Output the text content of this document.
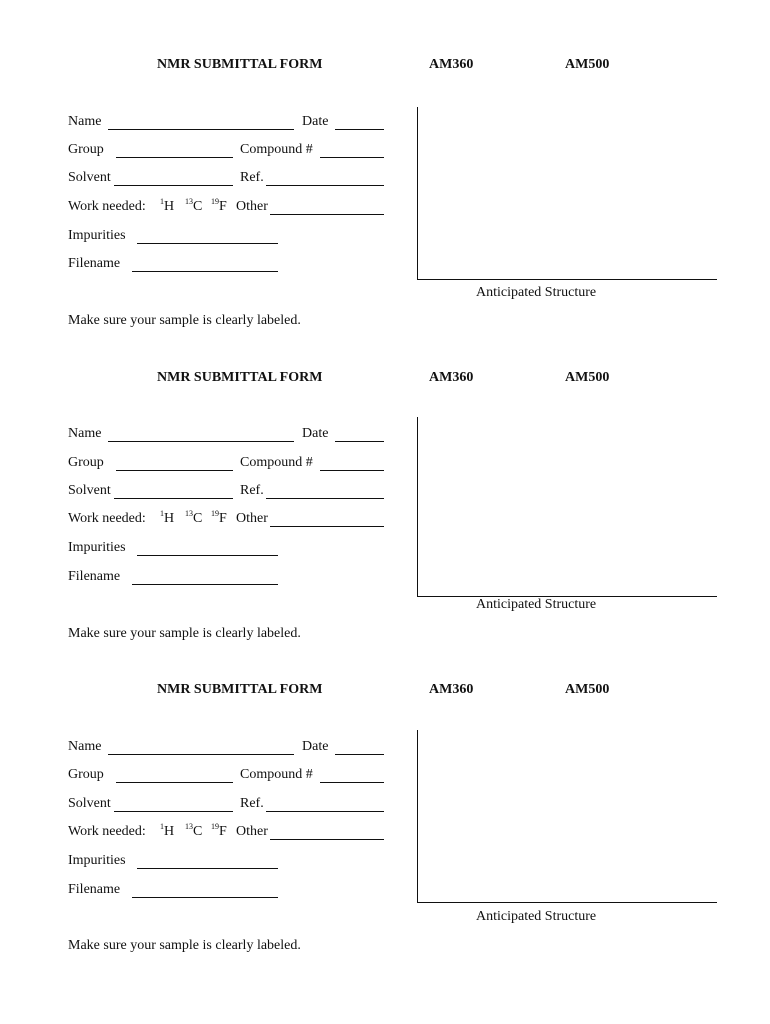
NMR SUBMITTAL FORM	AM360	AM500
Name	Date
Group	Compound #
Solvent	Ref.
Work needed: $^1$H $^{13}$C $^{19}$F Other
Impurities
Filename
Anticipated Structure
Make sure your sample is clearly labeled.
NMR SUBMITTAL FORM	AM360	AM500
Name	Date
Group	Compound #
Solvent	Ref.
Work needed: $^1$H $^{13}$C $^{19}$F Other
Impurities
Filename
Anticipated Structure
Make sure your sample is clearly labeled.
NMR SUBMITTAL FORM	AM360	AM500
Name	Date
Group	Compound #
Solvent	Ref.
Work needed: $^1$H $^{13}$C $^{19}$F Other
Impurities
Filename
Anticipated Structure
Make sure your sample is clearly labeled.
